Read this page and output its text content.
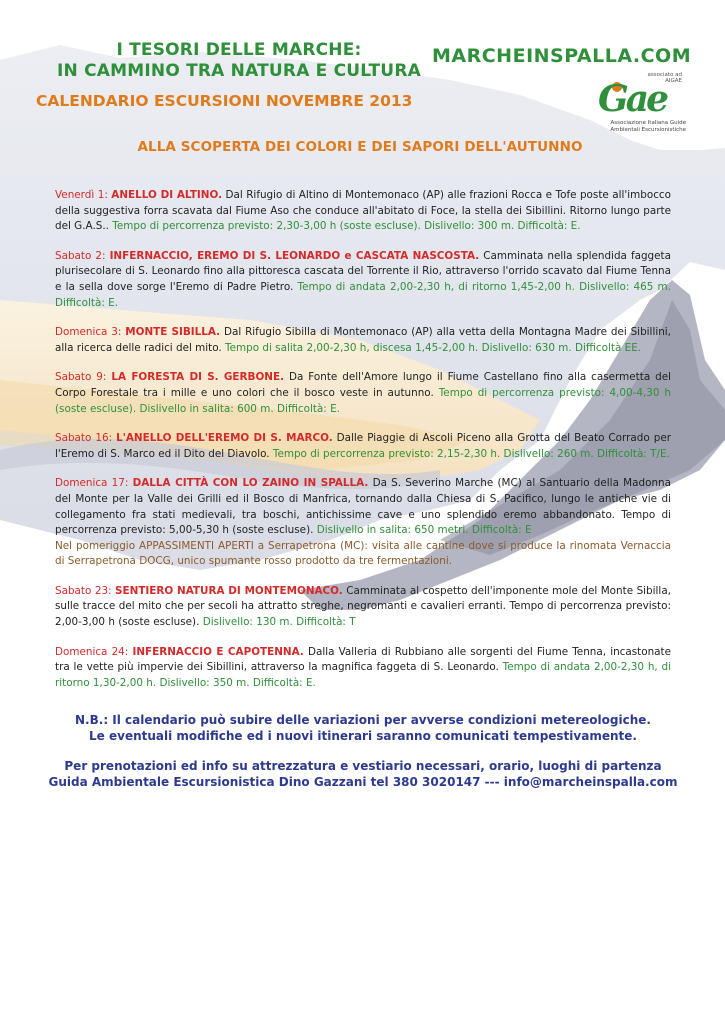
I TESORI DELLE MARCHE:
IN CAMMINO TRA NATURA E CULTURA
MARCHEINSPALLA.COM
CALENDARIO ESCURSIONI NOVEMBRE 2013
associato ad AIGAE
Gae
Associazione Italiana Guide
Ambientali Escursionistiche
ALLA SCOPERTA DEI COLORI E DEI SAPORI DELL'AUTUNNO
Venerdì 1: ANELLO DI ALTINO. Dal Rifugio di Altino di Montemonaco (AP) alle frazioni Rocca e Tofe poste all'imbocco della suggestiva forra scavata dal Fiume Aso che conduce all'abitato di Foce, la stella dei Sibillini. Ritorno lungo parte del G.A.S.. Tempo di percorrenza previsto: 2,30-3,00 h (soste escluse). Dislivello: 300 m. Difficoltà: E.
Sabato 2: INFERNACCIO, EREMO DI S. LEONARDO e CASCATA NASCOSTA. Camminata nella splendida faggeta plurisecolare di S. Leonardo fino alla pittoresca cascata del Torrente il Rio, attraverso l'orrido scavato dal Fiume Tenna e la sella dove sorge l'Eremo di Padre Pietro. Tempo di andata 2,00-2,30 h, di ritorno 1,45-2,00 h. Dislivello: 465 m. Difficoltà: E.
Domenica 3: MONTE SIBILLA. Dal Rifugio Sibilla di Montemonaco (AP) alla vetta della Montagna Madre dei Sibillini, alla ricerca delle radici del mito. Tempo di salita 2,00-2,30 h, discesa 1,45-2,00 h. Dislivello: 630 m. Difficoltà EE.
Sabato 9: LA FORESTA DI S. GERBONE. Da Fonte dell'Amore lungo il Fiume Castellano fino alla casermetta del Corpo Forestale tra i mille e uno colori che il bosco veste in autunno. Tempo di percorrenza previsto: 4,00-4,30 h (soste escluse). Dislivello in salita: 600 m. Difficoltà: E.
Sabato 16: L'ANELLO DELL'EREMO DI S. MARCO. Dalle Piaggie di Ascoli Piceno alla Grotta del Beato Corrado per l'Eremo di S. Marco ed il Dito del Diavolo. Tempo di percorrenza previsto: 2,15-2,30 h. Dislivello: 260 m. Difficoltà: T/E.
Domenica 17: DALLA CITTÀ CON LO ZAINO IN SPALLA. Da S. Severino Marche (MC) al Santuario della Madonna del Monte per la Valle dei Grilli ed il Bosco di Manfrica, tornando dalla Chiesa di S. Pacifico, lungo le antiche vie di collegamento fra stati medievali, tra boschi, antichissime cave e uno splendido eremo abbandonato. Tempo di percorrenza previsto: 5,00-5,30 h (soste escluse). Dislivello in salita: 650 metri. Difficoltà: E
Nel pomeriggio APPASSIMENTI APERTI a Serrapetrona (MC): visita alle cantine dove si produce la rinomata Vernaccia di Serrapetrona DOCG, unico spumante rosso prodotto da tre fermentazioni.
Sabato 23: SENTIERO NATURA DI MONTEMONACO. Camminata al cospetto dell'imponente mole del Monte Sibilla, sulle tracce del mito che per secoli ha attratto streghe, negromanti e cavalieri erranti. Tempo di percorrenza previsto: 2,00-3,00 h (soste escluse). Dislivello: 130 m. Difficoltà: T
Domenica 24: INFERNACCIO E CAPOTENNA. Dalla Valleria di Rubbiano alle sorgenti del Fiume Tenna, incastonate tra le vette più impervie dei Sibillini, attraverso la magnifica faggeta di S. Leonardo. Tempo di andata 2,00-2,30 h, di ritorno 1,30-2,00 h. Dislivello: 350 m. Difficoltà: E.

N.B.: Il calendario può subire delle variazioni per avverse condizioni metereologiche.

Le eventuali modifiche ed i nuovi itinerari saranno comunicati tempestivamente.

Per prenotazioni ed info su attrezzatura e vestiario necessari, orario, luoghi di partenza

Guida Ambientale Escursionistica Dino Gazzani tel 380 3020147 --- info@marcheinspalla.com
